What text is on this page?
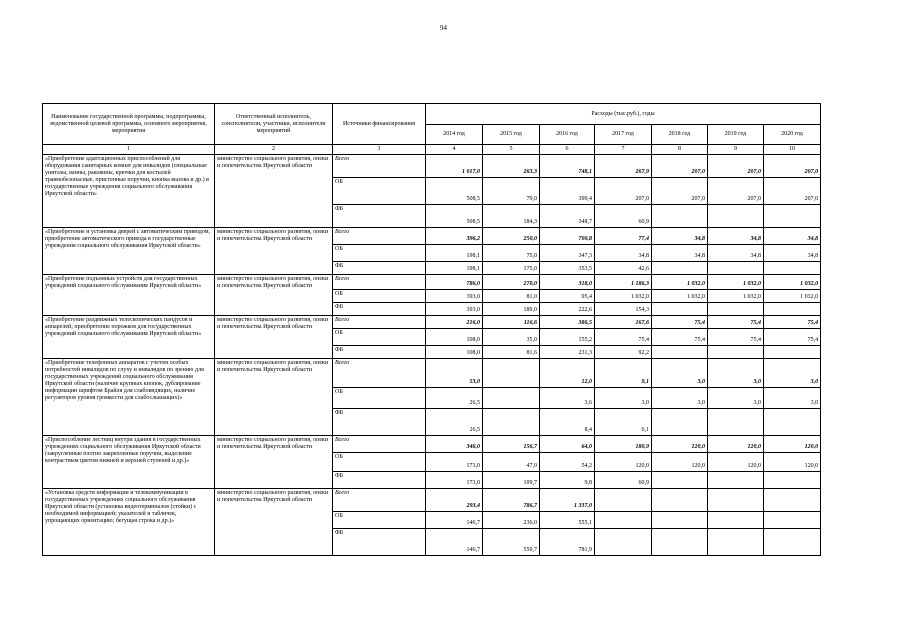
94
Наименование государственной программы, подпрограммы, ведомственной целевой программы, основного мероприятия, мероприятия	Ответственный исполнитель, соисполнители, участники, исполнители мероприятий	Источники финансирования	Расходы (тыс.руб.), годы						
			2014 год	2015 год	2016 год	2017 год	2018 год	2019 год	2020 год
1	2	3	4	5	6	7	8	9	10
«Приобретение адаптационных приспособлений для оборудования санитарных комнат для инвалидов (специальные унитазы, ванны, раковины, крючки для костылей травмобезопасные, пристенные поручни, кнопка вызова и др.) в государственные учреждения социального обслуживания Иркутской области»	министерство социального развития, опеки и попечительства Иркутской области	Всего	1 017,0	263,3	748,1	267,9	207,0	207,0	207,0
		ОБ	508,5	79,0	399,4	207,0	207,0	207,0	207,0
		ФБ	508,5	184,3	348,7	60,9			
«Приобретение и установка дверей с автоматическим приводом, приобретение автоматического привода в государственные учреждения социального обслуживания Иркутской области»	министерство социального развития, опеки и попечительства Иркутской области	Всего	396,2	250,0	700,8	77,4	34,8	34,8	34,8
		ОБ	198,1	75,0	347,3	34,8	34,8	34,8	34,8
		ФБ	198,1	175,0	353,5	42,6			
«Приобретение подъемных устройств для государственных учреждений социального обслуживания Иркутской области»	министерство социального развития, опеки и попечительства Иркутской области	Всего	786,0	270,0	318,0	1 186,3	1 032,0	1 032,0	1 032,0
		ОБ	393,0	81,0	95,4	1 032,0	1 032,0	1 032,0	1 032,0
		ФБ	393,0	189,0	222,6	154,3			
«Приобретение раздвижных телескопических пандусов и аппарелей; приобретение порожков для государственных учреждений социального обслуживания Иркутской области»	министерство социального развития, опеки и попечительства Иркутской области	Всего	216,0	116,6	386,5	167,6	75,4	75,4	75,4
		ОБ	108,0	35,0	155,2	75,4	75,4	75,4	75,4
		ФБ	108,0	81,6	231,3	92,2			
«Приобретение телефонных аппаратов с учетом особых потребностей инвалидов по слуху и инвалидов по зрению для государственных учреждений социального обслуживания Иркутской области (наличие крупных кнопок, дублирование информации шрифтом Брайля для слабовидящих, наличие регуляторов уровня громкости для слабослышащих)»	министерство социального развития, опеки и попечительства Иркутской области	Всего	53,0		12,0	9,1	3,0	3,0	3,0
		ОБ	26,5		3,6	3,0	3,0	3,0	3,0
		ФБ	26,5		8,4	6,1			
«Приспособление лестниц внутри здания в государственных учреждениях социального обслуживания Иркутской области (закругленные плотно закрепленные поручни, выделение контрастным цветом нижней и верхней ступеней и др.)»	министерство социального развития, опеки и попечительства Иркутской области	Всего	346,0	156,7	64,0	180,9	120,0	120,0	120,0
		ОБ	173,0	47,0	54,2	120,0	120,0	120,0	120,0
		ФБ	173,0	109,7	9,8	60,9			
«Установка средств информации и телекоммуникации в государственных учреждениях социального обслуживания Иркутской области (установка видеотерминалов (стойки) с необходимой информацией; указателей и табличек, упрощающих ориентацию; бегущая строка и др.)»	министерство социального развития, опеки и попечительства Иркутской области	Всего	293,4	786,7	1 337,0				
		ОБ	146,7	236,0	555,1				
		ФБ	146,7	550,7	781,9				
